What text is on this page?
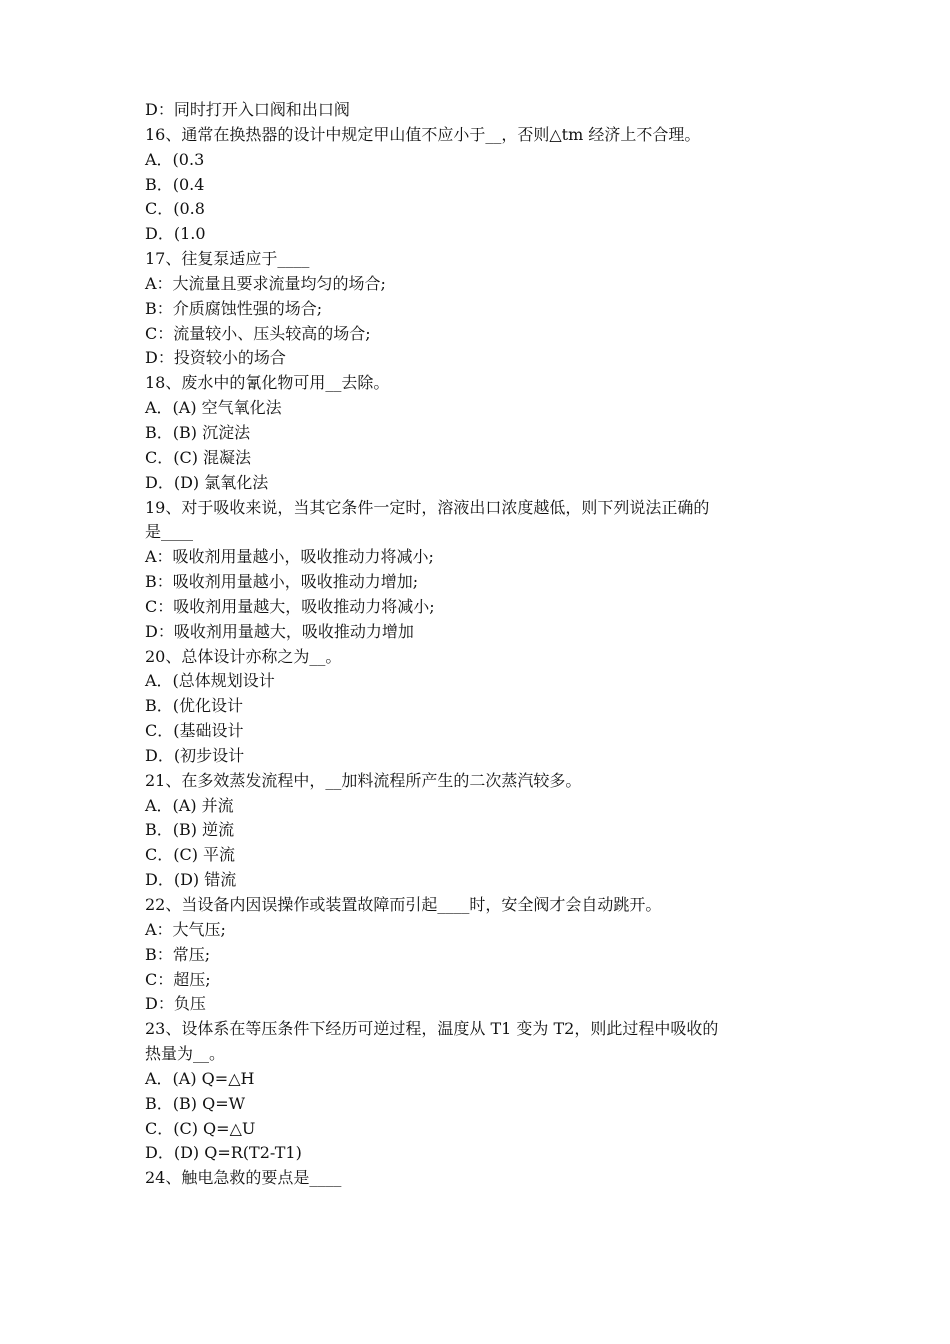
D：同时打开入口阀和出口阀
16、通常在换热器的设计中规定甲山值不应小于__，否则△tm 经济上不合理。
A．(0.3
B．(0.4
C．(0.8
D．(1.0
17、往复泵适应于____
A：大流量且要求流量均匀的场合;
B：介质腐蚀性强的场合;
C：流量较小、压头较高的场合;
D：投资较小的场合
18、废水中的氰化物可用__去除。
A．(A) 空气氧化法
B．(B) 沉淀法
C．(C) 混凝法
D．(D) 氯氧化法
19、对于吸收来说，当其它条件一定时，溶液出口浓度越低，则下列说法正确的
是____
A：吸收剂用量越小，吸收推动力将减小;
B：吸收剂用量越小，吸收推动力增加;
C：吸收剂用量越大，吸收推动力将减小;
D：吸收剂用量越大，吸收推动力增加
20、总体设计亦称之为__。
A．(总体规划设计
B．(优化设计
C．(基础设计
D．(初步设计
21、在多效蒸发流程中，__加料流程所产生的二次蒸汽较多。
A．(A) 并流
B．(B) 逆流
C．(C) 平流
D．(D) 错流
22、当设备内因误操作或装置故障而引起____时，安全阀才会自动跳开。
A：大气压;
B：常压;
C：超压;
D：负压
23、设体系在等压条件下经历可逆过程，温度从 T1 变为 T2，则此过程中吸收的
热量为__。
A．(A) Q=△H
B．(B) Q=W
C．(C) Q=△U
D．(D) Q=R(T2-T1)
24、触电急救的要点是____
